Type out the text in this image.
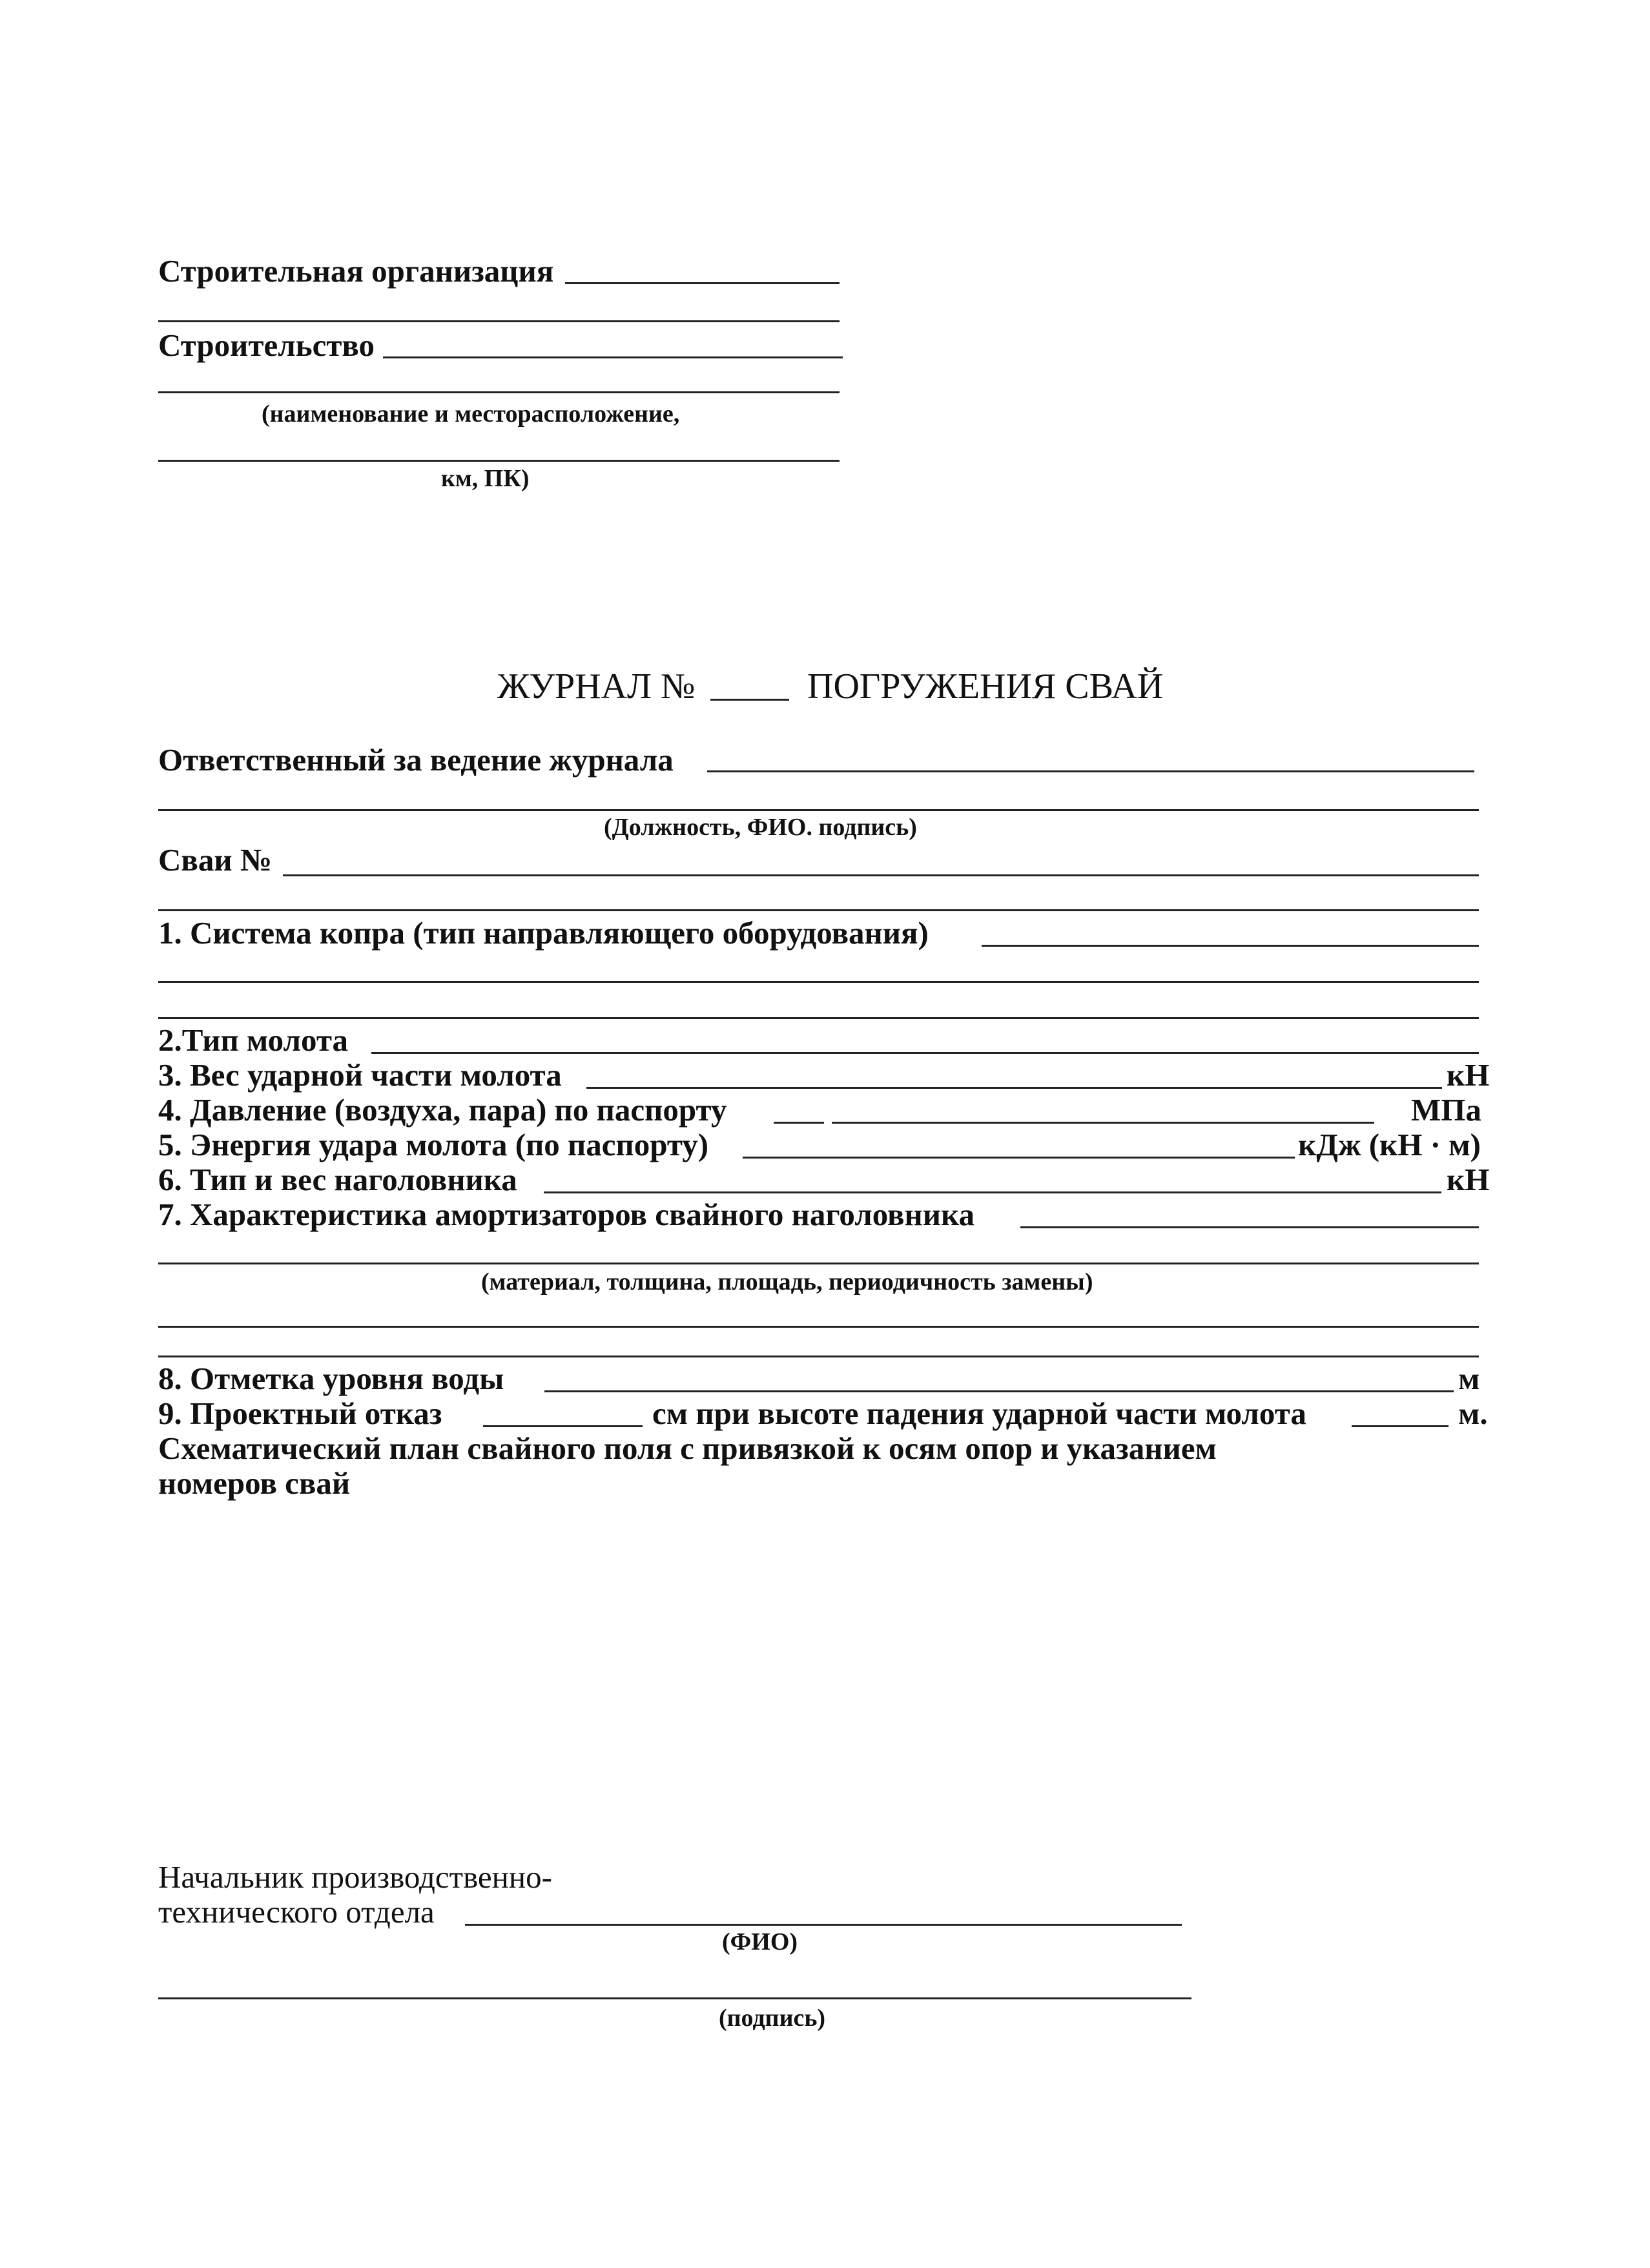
Строительная организация
Строительство
(наименование и месторасположение,
км, ПК)
ЖУРНАЛ №	ПОГРУЖЕНИЯ СВАЙ
Ответственный за ведение журнала
(Должность, ФИО. подпись)
Сваи №
1. Система копра (тип направляющего оборудования)
2.Тип молота
3. Вес ударной части молота	кН
4. Давление (воздуха, пара) по паспорту	МПа
5. Энергия удара молота (по паспорту)	кДж (кН · м)
6. Тип и вес наголовника	кН
7. Характеристика амортизаторов свайного наголовника
(материал, толщина, площадь, периодичность замены)
8. Отметка уровня воды	м
9. Проектный отказ	см при высоте падения ударной части молота	м.
Схематический план свайного поля с привязкой к осям опор и указанием
номеров свай
Начальник производственно-
технического отдела
(ФИО)
(подпись)
